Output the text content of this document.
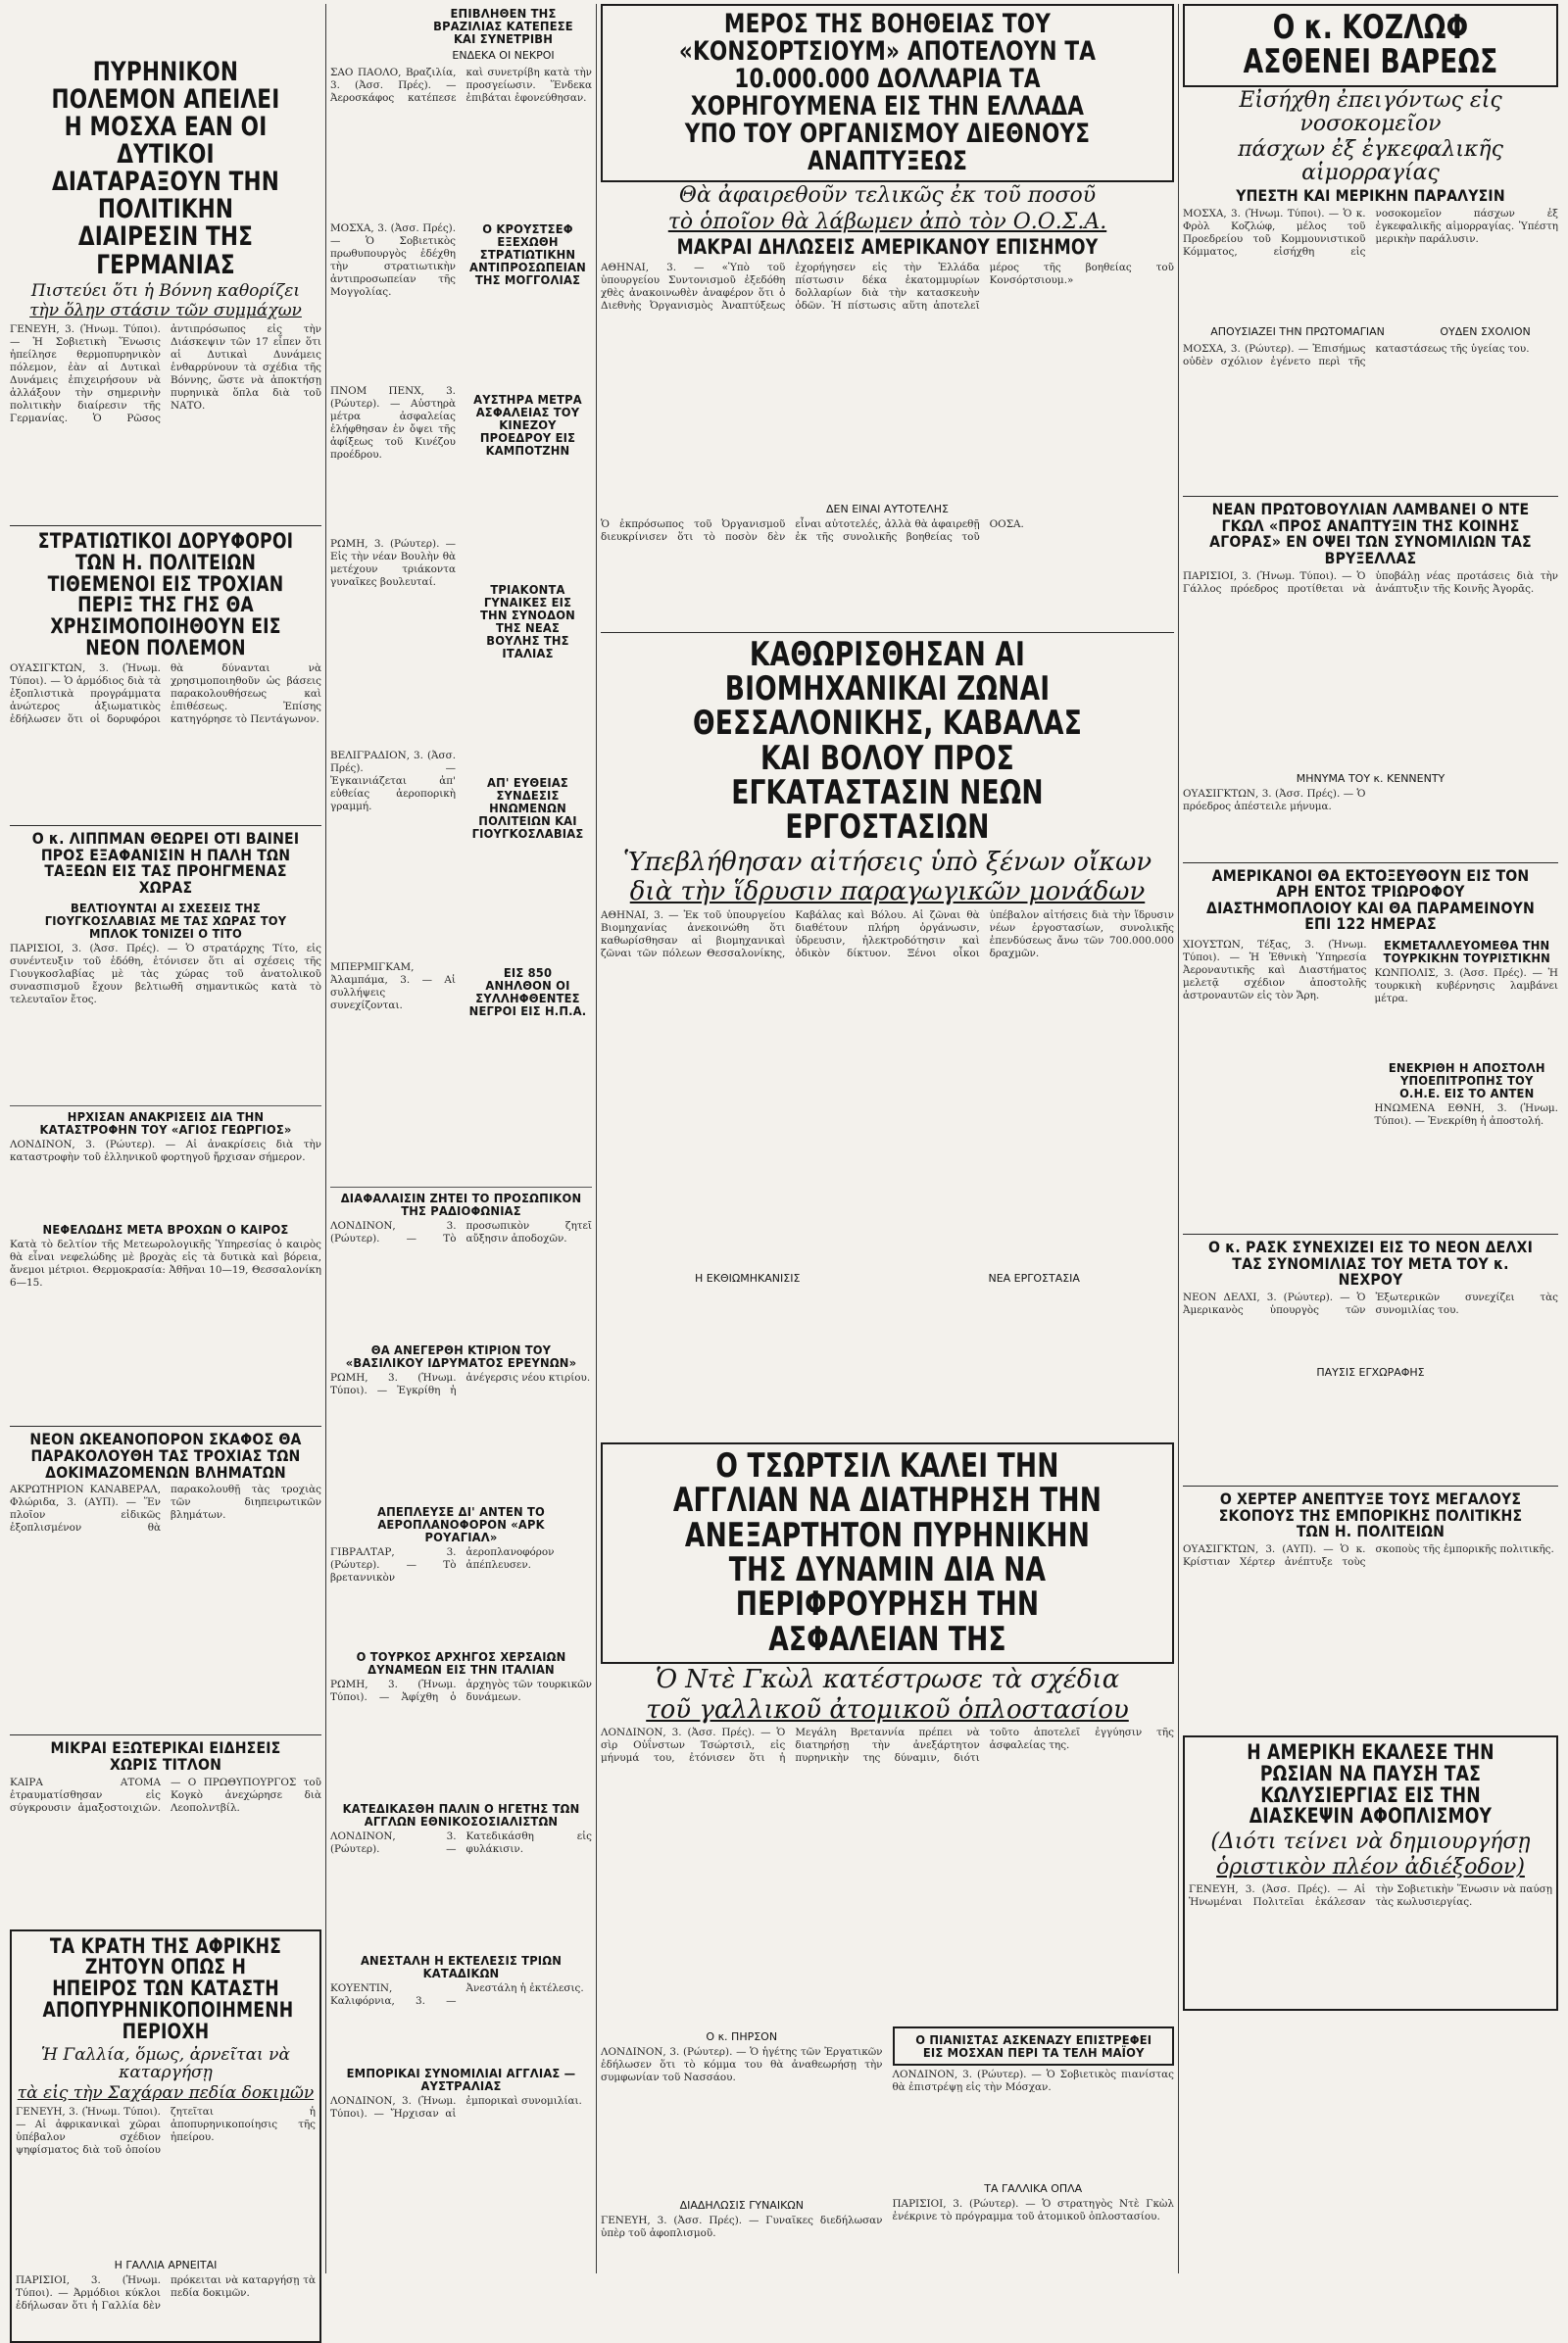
ΠΥΡΗΝΙΚΟΝ ΠΟΛΕΜΟΝ ΑΠΕΙΛΕΙ Η ΜΟΣΧΑ ΕΑΝ ΟΙ ΔΥΤΙΚΟΙ ΔΙΑΤΑΡΑΞΟΥΝ ΤΗΝ ΠΟΛΙΤΙΚΗΝ ΔΙΑΙΡΕΣΙΝ ΤΗΣ ΓΕΡΜΑΝΙΑΣ
Πιστεύει ὅτι ἡ Βόννη καθορίζει
τὴν ὅλην στάσιν τῶν συμμάχων
ΓΕΝΕΥΗ, 3. (Ἠνωμ. Τύποι). — Ἡ Σοβιετικὴ Ἕνωσις ἠπείλησε θερμοπυρηνικὸν πόλεμον, ἐὰν αἱ Δυτικαὶ Δυνάμεις ἐπιχειρήσουν νὰ ἀλλάξουν τὴν σημερινὴν πολιτικὴν διαίρεσιν τῆς Γερμανίας. Ὁ Ρῶσος ἀντιπρόσωπος εἰς τὴν Διάσκεψιν τῶν 17 εἶπεν ὅτι αἱ Δυτικαὶ Δυνάμεις ἐνθαρρύνουν τὰ σχέδια τῆς Βόννης, ὥστε νὰ ἀποκτήσῃ πυρηνικὰ ὅπλα διὰ τοῦ ΝΑΤΟ.
ΣΤΡΑΤΙΩΤΙΚΟΙ ΔΟΡΥΦΟΡΟΙ ΤΩΝ Η. ΠΟΛΙΤΕΙΩΝ ΤΙΘΕΜΕΝΟΙ ΕΙΣ ΤΡΟΧΙΑΝ ΠΕΡΙΞ ΤΗΣ ΓΗΣ ΘΑ ΧΡΗΣΙΜΟΠΟΙΗΘΟΥΝ ΕΙΣ ΝΕΟΝ ΠΟΛΕΜΟΝ
ΟΥΑΣΙΓΚΤΩΝ, 3. (Ἠνωμ. Τύποι). — Ὁ ἁρμόδιος διὰ τὰ ἐξοπλιστικὰ προγράμματα ἀνώτερος ἀξιωματικὸς ἐδήλωσεν ὅτι οἱ δορυφόροι θὰ δύνανται νὰ χρησιμοποιηθοῦν ὡς βάσεις παρακολουθήσεως καὶ ἐπιθέσεως. Ἐπίσης κατηγόρησε τὸ Πεντάγωνον.
Ο κ. ΛΙΠΠΜΑΝ ΘΕΩΡΕΙ ΟΤΙ ΒΑΙΝΕΙ ΠΡΟΣ ΕΞΑΦΑΝΙΣΙΝ Η ΠΑΛΗ ΤΩΝ ΤΑΞΕΩΝ ΕΙΣ ΤΑΣ ΠΡΟΗΓΜΕΝΑΣ ΧΩΡΑΣ
ΒΕΛΤΙΟΥΝΤΑΙ ΑΙ ΣΧΕΣΕΙΣ ΤΗΣ ΓΙΟΥΓΚΟΣΛΑΒΙΑΣ ΜΕ ΤΑΣ ΧΩΡΑΣ ΤΟΥ ΜΠΛΟΚ ΤΟΝΙΖΕΙ Ο ΤΙΤΟ
ΠΑΡΙΣΙΟΙ, 3. (Ἀσσ. Πρές). — Ὁ στρατάρχης Τίτο, εἰς συνέντευξιν τοῦ ἐδόθη, ἐτόνισεν ὅτι αἱ σχέσεις τῆς Γιουγκοσλαβίας μὲ τὰς χώρας τοῦ ἀνατολικοῦ συνασπισμοῦ ἔχουν βελτιωθῆ σημαντικῶς κατὰ τὸ τελευταῖον ἔτος.
ΗΡΧΙΣΑΝ ΑΝΑΚΡΙΣΕΙΣ ΔΙΑ ΤΗΝ ΚΑΤΑΣΤΡΟΦΗΝ ΤΟΥ «ΑΓΙΟΣ ΓΕΩΡΓΙΟΣ»
ΛΟΝΔΙΝΟΝ, 3. (Ρώυτερ). — Αἱ ἀνακρίσεις διὰ τὴν καταστροφὴν τοῦ ἑλληνικοῦ φορτηγοῦ ἤρχισαν σήμερον.
ΝΕΦΕΛΩΔΗΣ ΜΕΤΑ ΒΡΟΧΩΝ Ο ΚΑΙΡΟΣ
Κατὰ τὸ δελτίον τῆς Μετεωρολογικῆς Ὑπηρεσίας ὁ καιρὸς θὰ εἶναι νεφελώδης μὲ βροχὰς εἰς τὰ δυτικὰ καὶ βόρεια, ἄνεμοι μέτριοι. Θερμοκρασία: Ἀθῆναι 10—19, Θεσσαλονίκη 6—15.
ΝΕΟΝ ΩΚΕΑΝΟΠΟΡΟΝ ΣΚΑΦΟΣ ΘΑ ΠΑΡΑΚΟΛΟΥΘΗ ΤΑΣ ΤΡΟΧΙΑΣ ΤΩΝ ΔΟΚΙΜΑΖΟΜΕΝΩΝ ΒΛΗΜΑΤΩΝ
ΑΚΡΩΤΗΡΙΟΝ ΚΑΝΑΒΕΡΑΛ, Φλώριδα, 3. (ΑΥΠ). — Ἕν πλοῖον εἰδικῶς ἐξοπλισμένον θὰ παρακολουθῇ τὰς τροχιὰς τῶν διηπειρωτικῶν βλημάτων.
ΜΙΚΡΑΙ ΕΞΩΤΕΡΙΚΑΙ ΕΙΔΗΣΕΙΣ ΧΩΡΙΣ ΤΙΤΛΟΝ
ΚΑΙΡΑ ΑΤΟΜΑ ἐτραυματίσθησαν εἰς σύγκρουσιν ἁμαξοστοιχιῶν. — Ο ΠΡΩΘΥΠΟΥΡΓΟΣ τοῦ Κογκὸ ἀνεχώρησε διὰ Λεοπολντβίλ.
ΤΑ ΚΡΑΤΗ ΤΗΣ ΑΦΡΙΚΗΣ ΖΗΤΟΥΝ ΟΠΩΣ Η ΗΠΕΙΡΟΣ ΤΩΝ ΚΑΤΑΣΤΗ ΑΠΟΠΥΡΗΝΙΚΟΠΟΙΗΜΕΝΗ ΠΕΡΙΟΧΗ
Ἡ Γαλλία, ὅμως, ἀρνεῖται νὰ καταργήσῃ
τὰ εἰς τὴν Σαχάραν πεδία δοκιμῶν
ΓΕΝΕΥΗ, 3. (Ἠνωμ. Τύποι). — Αἱ ἀφρικανικαὶ χῶραι ὑπέβαλον σχέδιον ψηφίσματος διὰ τοῦ ὁποίου ζητεῖται ἡ ἀποπυρηνικοποίησις τῆς ἠπείρου.
Η ΓΑΛΛΙΑ ΑΡΝΕΙΤΑΙ
ΠΑΡΙΣΙΟΙ, 3. (Ἠνωμ. Τύποι). — Ἀρμόδιοι κύκλοι ἐδήλωσαν ὅτι ἡ Γαλλία δὲν πρόκειται νὰ καταργήσῃ τὰ πεδία δοκιμῶν.
ΕΠΙΒΛΗΘΕΝ ΤΗΣ ΒΡΑΖΙΛΙΑΣ ΚΑΤΕΠΕΣΕ ΚΑΙ ΣΥΝΕΤΡΙΒΗ
ΕΝΔΕΚΑ ΟΙ ΝΕΚΡΟΙ
ΣΑΟ ΠΑΟΛΟ, Βραζιλία, 3. (Ἀσσ. Πρές). — Ἀεροσκάφος κατέπεσε καὶ συνετρίβη κατὰ τὴν προσγείωσιν. Ἕνδεκα ἐπιβάται ἐφονεύθησαν.
ΜΟΣΧΑ, 3. (Ἀσσ. Πρές). — Ὁ Σοβιετικὸς πρωθυπουργὸς ἐδέχθη τὴν στρατιωτικὴν ἀντιπροσωπείαν τῆς Μογγολίας.
ΠΝΟΜ ΠΕΝΧ, 3. (Ρώυτερ). — Αὐστηρὰ μέτρα ἀσφαλείας ἐλήφθησαν ἐν ὄψει τῆς ἀφίξεως τοῦ Κινέζου προέδρου.
ΡΩΜΗ, 3. (Ρώυτερ). — Εἰς τὴν νέαν Βουλὴν θὰ μετέχουν τριάκοντα γυναῖκες βουλευταί.
ΒΕΛΙΓΡΑΔΙΟΝ, 3. (Ἀσσ. Πρές). — Ἐγκαινιάζεται ἀπ' εὐθείας ἀεροπορικὴ γραμμή.
ΜΠΕΡΜΙΓΚΑΜ, Ἀλαμπάμα, 3. — Αἱ συλλήψεις συνεχίζονται.
Ο ΚΡΟΥΣΤΣΕΦ ΕΞΕΧΩΘΗ ΣΤΡΑΤΙΩΤΙΚΗΝ ΑΝΤΙΠΡΟΣΩΠΕΙΑΝ ΤΗΣ ΜΟΓΓΟΛΙΑΣ
ΑΥΣΤΗΡΑ ΜΕΤΡΑ ΑΣΦΑΛΕΙΑΣ ΤΟΥ ΚΙΝΕΖΟΥ ΠΡΟΕΔΡΟΥ ΕΙΣ ΚΑΜΠΟΤΖΗΝ
ΤΡΙΑΚΟΝΤΑ ΓΥΝΑΙΚΕΣ ΕΙΣ ΤΗΝ ΣΥΝΟΔΟΝ ΤΗΣ ΝΕΑΣ ΒΟΥΛΗΣ ΤΗΣ ΙΤΑΛΙΑΣ
ΑΠ' ΕΥΘΕΙΑΣ ΣΥΝΔΕΣΙΣ ΗΝΩΜΕΝΩΝ ΠΟΛΙΤΕΙΩΝ ΚΑΙ ΓΙΟΥΓΚΟΣΛΑΒΙΑΣ
ΕΙΣ 850 ΑΝΗΛΘΟΝ ΟΙ ΣΥΛΛΗΦΘΕΝΤΕΣ ΝΕΓΡΟΙ ΕΙΣ Η.Π.Α.
ΔΙΑΦΑΛΑΙΣΙΝ ΖΗΤΕΙ ΤΟ ΠΡΟΣΩΠΙΚΟΝ ΤΗΣ ΡΑΔΙΟΦΩΝΙΑΣ
ΛΟΝΔΙΝΟΝ, 3. (Ρώυτερ). — Τὸ προσωπικὸν ζητεῖ αὔξησιν ἀποδοχῶν.
ΘΑ ΑΝΕΓΕΡΘΗ ΚΤΙΡΙΟΝ ΤΟΥ «ΒΑΣΙΛΙΚΟΥ ΙΔΡΥΜΑΤΟΣ ΕΡΕΥΝΩΝ»
ΡΩΜΗ, 3. (Ἠνωμ. Τύποι). — Ἐγκρίθη ἡ ἀνέγερσις νέου κτιρίου.
ΑΠΕΠΛΕΥΣΕ ΔΙ' ΑΝΤΕΝ ΤΟ ΑΕΡΟΠΛΑΝΟΦΟΡΟΝ «ΑΡΚ ΡΟΥΑΓΙΑΛ»
ΓΙΒΡΑΛΤΑΡ, 3. (Ρώυτερ). — Τὸ βρεταννικὸν ἀεροπλανοφόρον ἀπέπλευσεν.
Ο ΤΟΥΡΚΟΣ ΑΡΧΗΓΟΣ ΧΕΡΣΑΙΩΝ ΔΥΝΑΜΕΩΝ ΕΙΣ ΤΗΝ ΙΤΑΛΙΑΝ
ΡΩΜΗ, 3. (Ἠνωμ. Τύποι). — Ἀφίχθη ὁ ἀρχηγὸς τῶν τουρκικῶν δυνάμεων.
ΚΑΤΕΔΙΚΑΣΘΗ ΠΑΛΙΝ Ο ΗΓΕΤΗΣ ΤΩΝ ΑΓΓΛΩΝ ΕΘΝΙΚΟΣΟΣΙΑΛΙΣΤΩΝ
ΛΟΝΔΙΝΟΝ, 3. (Ρώυτερ). — Κατεδικάσθη εἰς φυλάκισιν.
ΑΝΕΣΤΑΛΗ Η ΕΚΤΕΛΕΣΙΣ ΤΡΙΩΝ ΚΑΤΑΔΙΚΩΝ
ΚΟΥΕΝΤΙΝ, Καλιφόρνια, 3. — Ἀνεστάλη ἡ ἐκτέλεσις.
ΕΜΠΟΡΙΚΑΙ ΣΥΝΟΜΙΛΙΑΙ ΑΓΓΛΙΑΣ — ΑΥΣΤΡΑΛΙΑΣ
ΛΟΝΔΙΝΟΝ, 3. (Ἠνωμ. Τύποι). — Ἤρχισαν αἱ ἐμπορικαὶ συνομιλίαι.
ΜΕΡΟΣ ΤΗΣ ΒΟΗΘΕΙΑΣ ΤΟΥ «ΚΟΝΣΟΡΤΣΙΟΥΜ» ΑΠΟΤΕΛΟΥΝ ΤΑ 10.000.000 ΔΟΛΛΑΡΙΑ ΤΑ ΧΟΡΗΓΟΥΜΕΝΑ ΕΙΣ ΤΗΝ ΕΛΛΑΔΑ ΥΠΟ ΤΟΥ ΟΡΓΑΝΙΣΜΟΥ ΔΙΕΘΝΟΥΣ ΑΝΑΠΤΥΞΕΩΣ
Θὰ ἀφαιρεθοῦν τελικῶς ἐκ τοῦ ποσοῦ
τὸ ὁποῖον θὰ λάβωμεν ἀπὸ τὸν Ο.Ο.Σ.Α.
ΜΑΚΡΑΙ ΔΗΛΩΣΕΙΣ ΑΜΕΡΙΚΑΝΟΥ ΕΠΙΣΗΜΟΥ
ΑΘΗΝΑΙ, 3. — «Ὑπὸ τοῦ ὑπουργείου Συντονισμοῦ ἐξεδόθη χθὲς ἀνακοινωθὲν ἀναφέρον ὅτι ὁ Διεθνὴς Ὀργανισμὸς Ἀναπτύξεως ἐχορήγησεν εἰς τὴν Ἑλλάδα πίστωσιν δέκα ἑκατομμυρίων δολλαρίων διὰ τὴν κατασκευὴν ὁδῶν. Ἡ πίστωσις αὕτη ἀποτελεῖ μέρος τῆς βοηθείας τοῦ Κονσόρτσιουμ.»
ΔΕΝ ΕΙΝΑΙ ΑΥΤΟΤΕΛΗΣ
Ὁ ἐκπρόσωπος τοῦ Ὀργανισμοῦ διευκρίνισεν ὅτι τὸ ποσὸν δὲν εἶναι αὐτοτελές, ἀλλὰ θὰ ἀφαιρεθῇ ἐκ τῆς συνολικῆς βοηθείας τοῦ ΟΟΣΑ.
ΚΑΘΩΡΙΣΘΗΣΑΝ ΑΙ ΒΙΟΜΗΧΑΝΙΚΑΙ ΖΩΝΑΙ ΘΕΣΣΑΛΟΝΙΚΗΣ, ΚΑΒΑΛΑΣ ΚΑΙ ΒΟΛΟΥ ΠΡΟΣ ΕΓΚΑΤΑΣΤΑΣΙΝ ΝΕΩΝ ΕΡΓΟΣΤΑΣΙΩΝ
Ὑπεβλήθησαν αἰτήσεις ὑπὸ ξένων οἴκων
διὰ τὴν ἵδρυσιν παραγωγικῶν μονάδων
ΑΘΗΝΑΙ, 3. — Ἐκ τοῦ ὑπουργείου Βιομηχανίας ἀνεκοινώθη ὅτι καθωρίσθησαν αἱ βιομηχανικαὶ ζῶναι τῶν πόλεων Θεσσαλονίκης, Καβάλας καὶ Βόλου. Αἱ ζῶναι θὰ διαθέτουν πλήρη ὀργάνωσιν, ὑδρευσιν, ἠλεκτροδότησιν καὶ ὁδικὸν δίκτυον. Ξένοι οἶκοι ὑπέβαλον αἰτήσεις διὰ τὴν ἵδρυσιν νέων ἐργοστασίων, συνολικῆς ἐπενδύσεως ἄνω τῶν 700.000.000 δραχμῶν.
Η ΕΚΘΙΩΜΗΚΑΝΙΣΙΣ	ΝΕΑ ΕΡΓΟΣΤΑΣΙΑ
Ο ΤΣΩΡΤΣΙΛ ΚΑΛΕΙ ΤΗΝ ΑΓΓΛΙΑΝ ΝΑ ΔΙΑΤΗΡΗΣΗ ΤΗΝ ΑΝΕΞΑΡΤΗΤΟΝ ΠΥΡΗΝΙΚΗΝ ΤΗΣ ΔΥΝΑΜΙΝ ΔΙΑ ΝΑ ΠΕΡΙΦΡΟΥΡΗΣΗ ΤΗΝ ΑΣΦΑΛΕΙΑΝ ΤΗΣ
Ὁ Ντὲ Γκὼλ κατέστρωσε τὰ σχέδια
τοῦ γαλλικοῦ ἀτομικοῦ ὁπλοστασίου
ΛΟΝΔΙΝΟΝ, 3. (Ἀσσ. Πρές). — Ὁ σὶρ Οὐΐνστων Τσώρτσιλ, εἰς μήνυμά του, ἐτόνισεν ὅτι ἡ Μεγάλη Βρεταννία πρέπει νὰ διατηρήσῃ τὴν ἀνεξάρτητον πυρηνικὴν της δύναμιν, διότι τοῦτο ἀποτελεῖ ἐγγύησιν τῆς ἀσφαλείας της.
Ο κ. ΠΗΡΣΟΝ
ΛΟΝΔΙΝΟΝ, 3. (Ρώυτερ). — Ὁ ἡγέτης τῶν Ἐργατικῶν ἐδήλωσεν ὅτι τὸ κόμμα του θὰ ἀναθεωρήσῃ τὴν συμφωνίαν τοῦ Νασσάου.
ΔΙΑΔΗΛΩΣΙΣ ΓΥΝΑΙΚΩΝ
ΓΕΝΕΥΗ, 3. (Ἀσσ. Πρές). — Γυναῖκες διεδήλωσαν ὑπὲρ τοῦ ἀφοπλισμοῦ.
Ο ΠΙΑΝΙΣΤΑΣ ΑΣΚΕΝΑΖΥ ΕΠΙΣΤΡΕΦΕΙ ΕΙΣ ΜΟΣΧΑΝ ΠΕΡΙ ΤΑ ΤΕΛΗ ΜΑΪΟΥ
ΛΟΝΔΙΝΟΝ, 3. (Ρώυτερ). — Ὁ Σοβιετικὸς πιανίστας θὰ ἐπιστρέψῃ εἰς τὴν Μόσχαν.
ΤΑ ΓΑΛΛΙΚΑ ΟΠΛΑ
ΠΑΡΙΣΙΟΙ, 3. (Ρώυτερ). — Ὁ στρατηγὸς Ντὲ Γκὼλ ἐνέκρινε τὸ πρόγραμμα τοῦ ἀτομικοῦ ὁπλοστασίου.
Ο κ. ΚΟΖΛΩΦ ΑΣΘΕΝΕΙ ΒΑΡΕΩΣ
Εἰσήχθη ἐπειγόντως εἰς νοσοκομεῖον
πάσχων ἐξ ἐγκεφαλικῆς αἱμορραγίας
ΥΠΕΣΤΗ ΚΑΙ ΜΕΡΙΚΗΝ ΠΑΡΑΛΥΣΙΝ
ΜΟΣΧΑ, 3. (Ἠνωμ. Τύποι). — Ὁ κ. Φρὸλ Κοζλώφ, μέλος τοῦ Προεδρείου τοῦ Κομμουνιστικοῦ Κόμματος, εἰσήχθη εἰς νοσοκομεῖον πάσχων ἐξ ἐγκεφαλικῆς αἱμορραγίας. Ὑπέστη μερικὴν παράλυσιν.
ΑΠΟΥΣΙΑΖΕΙ ΤΗΝ ΠΡΩΤΟΜΑΓΙΑΝ	ΟΥΔΕΝ ΣΧΟΛΙΟΝ
ΜΟΣΧΑ, 3. (Ρώυτερ). — Ἐπισήμως οὐδὲν σχόλιον ἐγένετο περὶ τῆς καταστάσεως τῆς ὑγείας του.
ΝΕΑΝ ΠΡΩΤΟΒΟΥΛΙΑΝ ΛΑΜΒΑΝΕΙ Ο ΝΤΕ ΓΚΩΛ «ΠΡΟΣ ΑΝΑΠΤΥΞΙΝ ΤΗΣ ΚΟΙΝΗΣ ΑΓΟΡΑΣ» ΕΝ ΟΨΕΙ ΤΩΝ ΣΥΝΟΜΙΛΙΩΝ ΤΑΣ ΒΡΥΞΕΛΛΑΣ
ΠΑΡΙΣΙΟΙ, 3. (Ἠνωμ. Τύποι). — Ὁ Γάλλος πρόεδρος προτίθεται νὰ ὑποβάλῃ νέας προτάσεις διὰ τὴν ἀνάπτυξιν τῆς Κοινῆς Ἀγορᾶς.
ΜΗΝΥΜΑ ΤΟΥ κ. ΚΕΝΝΕΝΤΥ
ΟΥΑΣΙΓΚΤΩΝ, 3. (Ἀσσ. Πρές). — Ὁ πρόεδρος ἀπέστειλε μήνυμα.
ΑΜΕΡΙΚΑΝΟΙ ΘΑ ΕΚΤΟΞΕΥΘΟΥΝ ΕΙΣ ΤΟΝ ΑΡΗ ΕΝΤΟΣ ΤΡΙΩΡΟΦΟΥ ΔΙΑΣΤΗΜΟΠΛΟΙΟΥ ΚΑΙ ΘΑ ΠΑΡΑΜΕΙΝΟΥΝ ΕΠΙ 122 ΗΜΕΡΑΣ
ΧΙΟΥΣΤΩΝ, Τέξας, 3. (Ἠνωμ. Τύποι). — Ἡ Ἐθνικὴ Ὑπηρεσία Ἀεροναυτικῆς καὶ Διαστήματος μελετᾷ σχέδιον ἀποστολῆς ἀστροναυτῶν εἰς τὸν Ἄρη.
ΕΚΜΕΤΑΛΛΕΥΟΜΕΘΑ ΤΗΝ ΤΟΥΡΚΙΚΗΝ ΤΟΥΡΙΣΤΙΚΗΝ
ΚΩΝΠΟΛΙΣ, 3. (Ἀσσ. Πρές). — Ἡ τουρκικὴ κυβέρνησις λαμβάνει μέτρα.
ΕΝΕΚΡΙΘΗ Η ΑΠΟΣΤΟΛΗ ΥΠΟΕΠΙΤΡΟΠΗΣ ΤΟΥ Ο.Η.Ε. ΕΙΣ ΤΟ ΑΝΤΕΝ
ΗΝΩΜΕΝΑ ΕΘΝΗ, 3. (Ἠνωμ. Τύποι). — Ἐνεκρίθη ἡ ἀποστολή.
Ο κ. ΡΑΣΚ ΣΥΝΕΧΙΖΕΙ ΕΙΣ ΤΟ ΝΕΟΝ ΔΕΛΧΙ ΤΑΣ ΣΥΝΟΜΙΛΙΑΣ ΤΟΥ ΜΕΤΑ ΤΟΥ κ. ΝΕΧΡΟΥ
ΝΕΟΝ ΔΕΛΧΙ, 3. (Ρώυτερ). — Ὁ Ἀμερικανὸς ὑπουργὸς τῶν Ἐξωτερικῶν συνεχίζει τὰς συνομιλίας του.
ΠΑΥΣΙΣ ΕΓΧΩΡΑΦΗΣ
Ο ΧΕΡΤΕΡ ΑΝΕΠΤΥΞΕ ΤΟΥΣ ΜΕΓΑΛΟΥΣ ΣΚΟΠΟΥΣ ΤΗΣ ΕΜΠΟΡΙΚΗΣ ΠΟΛΙΤΙΚΗΣ ΤΩΝ Η. ΠΟΛΙΤΕΙΩΝ
ΟΥΑΣΙΓΚΤΩΝ, 3. (ΑΥΠ). — Ὁ κ. Κρίστιαν Χέρτερ ἀνέπτυξε τοὺς σκοποὺς τῆς ἐμπορικῆς πολιτικῆς.
Η ΑΜΕΡΙΚΗ ΕΚΑΛΕΣΕ ΤΗΝ ΡΩΣΙΑΝ ΝΑ ΠΑΥΣΗ ΤΑΣ ΚΩΛΥΣΙΕΡΓΙΑΣ ΕΙΣ ΤΗΝ ΔΙΑΣΚΕΨΙΝ ΑΦΟΠΛΙΣΜΟΥ
(Διότι τείνει νὰ δημιουργήσῃ
ὁριστικὸν πλέον ἀδιέξοδον)
ΓΕΝΕΥΗ, 3. (Ἀσσ. Πρές). — Αἱ Ἡνωμέναι Πολιτεῖαι ἐκάλεσαν τὴν Σοβιετικὴν Ἕνωσιν νὰ παύσῃ τὰς κωλυσιεργίας.
